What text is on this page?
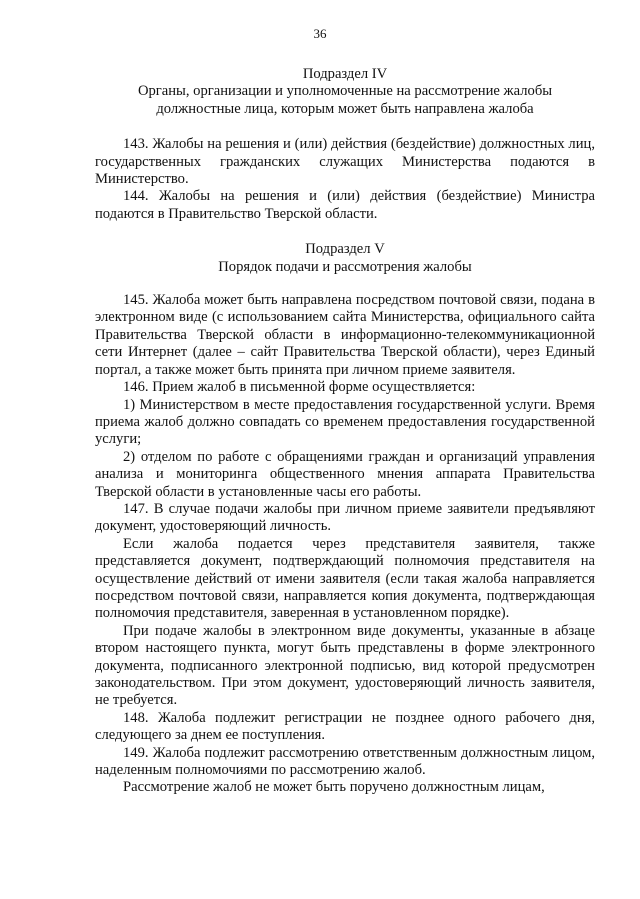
36
Подраздел IV
Органы, организации и уполномоченные на рассмотрение жалобы должностные лица, которым может быть направлена жалоба

143. Жалобы на решения и (или) действия (бездействие) должностных лиц, государственных гражданских служащих Министерства подаются в Министерство.

144. Жалобы на решения и (или) действия (бездействие) Министра подаются в Правительство Тверской области.

Подраздел V
Порядок подачи и рассмотрения жалобы

145. Жалоба может быть направлена посредством почтовой связи, подана в электронном виде (с использованием сайта Министерства, официального сайта Правительства Тверской области в информационно-телекоммуникационной сети Интернет (далее – сайт Правительства Тверской области), через Единый портал, а также может быть принята при личном приеме заявителя.

146. Прием жалоб в письменной форме осуществляется:

1) Министерством в месте предоставления государственной услуги. Время приема жалоб должно совпадать со временем предоставления государственной услуги;

2) отделом по работе с обращениями граждан и организаций управления анализа и мониторинга общественного мнения аппарата Правительства Тверской области в установленные часы его работы.

147. В случае подачи жалобы при личном приеме заявители предъявляют документ, удостоверяющий личность.

Если жалоба подается через представителя заявителя, также представляется документ, подтверждающий полномочия представителя на осуществление действий от имени заявителя (если такая жалоба направляется посредством почтовой связи, направляется копия документа, подтверждающая полномочия представителя, заверенная в установленном порядке).

При подаче жалобы в электронном виде документы, указанные в абзаце втором настоящего пункта, могут быть представлены в форме электронного документа, подписанного электронной подписью, вид которой предусмотрен законодательством. При этом документ, удостоверяющий личность заявителя, не требуется.

148. Жалоба подлежит регистрации не позднее одного рабочего дня, следующего за днем ее поступления.

149. Жалоба подлежит рассмотрению ответственным должностным лицом, наделенным полномочиями по рассмотрению жалоб.

Рассмотрение жалоб не может быть поручено должностным лицам,
